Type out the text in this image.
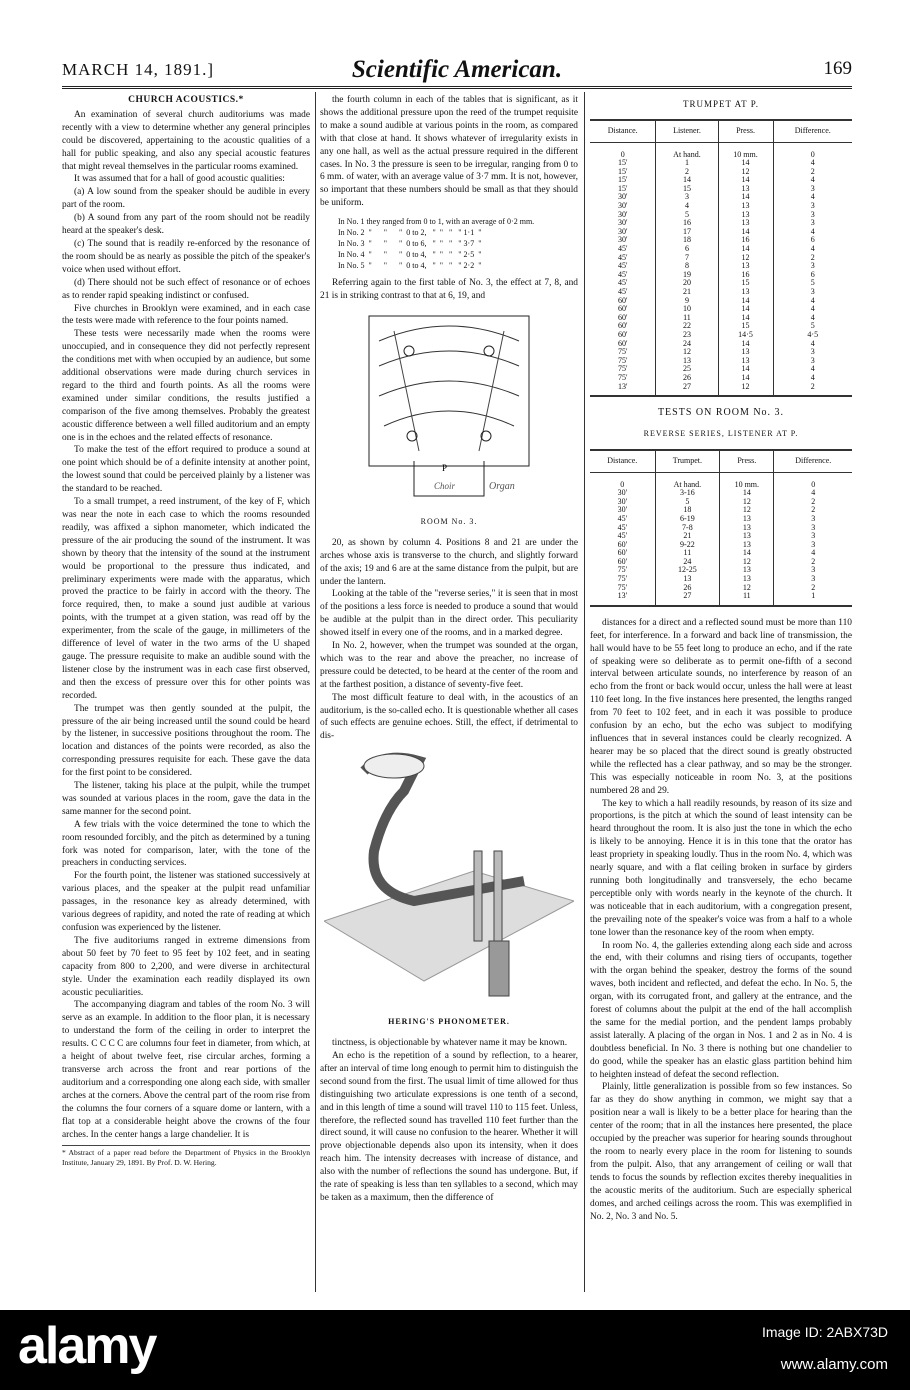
MARCH 14, 1891.]	Scientific American.	169
CHURCH ACOUSTICS.*

An examination of several church auditoriums was made recently with a view to determine whether any general principles could be discovered, appertaining to the acoustic qualities of a hall for public speaking, and also any special acoustic features that might reveal themselves in the particular rooms examined.

It was assumed that for a hall of good acoustic qualities:

(a) A low sound from the speaker should be audible in every part of the room.

(b) A sound from any part of the room should not be readily heard at the speaker's desk.

(c) The sound that is readily re-enforced by the resonance of the room should be as nearly as possible the pitch of the speaker's voice when used without effort.

(d) There should not be such effect of resonance or of echoes as to render rapid speaking indistinct or confused.

Five churches in Brooklyn were examined, and in each case the tests were made with reference to the four points named.

These tests were necessarily made when the rooms were unoccupied, and in consequence they did not perfectly represent the conditions met with when occupied by an audience, but some additional observations were made during church services in regard to the third and fourth points. As all the rooms were examined under similar conditions, the results justified a comparison of the five among themselves. Probably the greatest acoustic difference between a well filled auditorium and an empty one is in the echoes and the related effects of resonance.

To make the test of the effort required to produce a sound at one point which should be of a definite intensity at another point, the lowest sound that could be perceived plainly by a listener was the standard to be reached.

To a small trumpet, a reed instrument, of the key of F, which was near the note in each case to which the rooms resounded readily, was affixed a siphon manometer, which indicated the pressure of the air producing the sound of the instrument. It was shown by theory that the intensity of the sound at the instrument would be proportional to the pressure thus indicated, and preliminary experiments were made with the apparatus, which proved the practice to be fairly in accord with the theory. The force required, then, to make a sound just audible at various points, with the trumpet at a given station, was read off by the experimenter, from the scale of the gauge, in millimeters of the difference of level of water in the two arms of the U shaped gauge. The pressure requisite to make an audible sound with the listener close by the instrument was in each case first observed, and then the excess of pressure over this for other points was recorded.

The trumpet was then gently sounded at the pulpit, the pressure of the air being increased until the sound could be heard by the listener, in successive positions throughout the room. The location and distances of the points were recorded, as also the corresponding pressures requisite for each. These gave the data for the first point to be considered.

The listener, taking his place at the pulpit, while the trumpet was sounded at various places in the room, gave the data in the same manner for the second point.

A few trials with the voice determined the tone to which the room resounded forcibly, and the pitch as determined by a tuning fork was noted for comparison, later, with the tone of the preachers in conducting services.

For the fourth point, the listener was stationed successively at various places, and the speaker at the pulpit read unfamiliar passages, in the resonance key as already determined, with various degrees of rapidity, and noted the rate of reading at which confusion was experienced by the listener.

The five auditoriums ranged in extreme dimensions from about 50 feet by 70 feet to 95 feet by 102 feet, and in seating capacity from 800 to 2,200, and were diverse in architectural style. Under the examination each readily displayed its own acoustic peculiarities.

The accompanying diagram and tables of the room No. 3 will serve as an example. In addition to the floor plan, it is necessary to understand the form of the ceiling in order to interpret the results. C C C C are columns four feet in diameter, from which, at a height of about twelve feet, rise circular arches, forming a transverse arch across the front and rear portions of the auditorium and a corresponding one along each side, with smaller arches at the corners. Above the central part of the room rise from the columns the four corners of a square dome or lantern, with a flat top at a considerable height above the crowns of the four arches. In the center hangs a large chandelier. It is

* Abstract of a paper read before the Department of Physics in the Brooklyn Institute, January 29, 1891. By Prof. D. W. Hering.

the fourth column in each of the tables that is significant, as it shows the additional pressure upon the reed of the trumpet requisite to make a sound audible at various points in the room, as compared with that close at hand. It shows whatever of irregularity exists in any one hall, as well as the actual pressure required in the different cases. In No. 3 the pressure is seen to be irregular, ranging from 0 to 6 mm. of water, with an average value of 3·7 mm. It is not, however, so important that these numbers should be small as that they should be uniform.

In No. 1 they ranged from 0 to 1, with an average of 0·2 mm.
In No. 2  "      "      "  0 to 2,   "  "   "   " 1·1  "
In No. 3  "      "      "  0 to 6,   "  "   "   " 3·7  "
In No. 4  "      "      "  0 to 4,   "  "   "   " 2·5  "
In No. 5  "      "      "  0 to 4,   "  "   "   " 2·2  "

Referring again to the first table of No. 3, the effect at 7, 8, and 21 is in striking contrast to that at 6, 19, and

P
Choir	Organ
ROOM No. 3.

20, as shown by column 4. Positions 8 and 21 are under the arches whose axis is transverse to the church, and slightly forward of the axis; 19 and 6 are at the same distance from the pulpit, but are under the lantern.

Looking at the table of the "reverse series," it is seen that in most of the positions a less force is needed to produce a sound that would be audible at the pulpit than in the direct order. This peculiarity showed itself in every one of the rooms, and in a marked degree.

In No. 2, however, when the trumpet was sounded at the organ, which was to the rear and above the preacher, no increase of pressure could be detected, to be heard at the center of the room and at the farthest position, a distance of seventy-five feet.

The most difficult feature to deal with, in the acoustics of an auditorium, is the so-called echo. It is questionable whether all cases of such effects are genuine echoes. Still, the effect, if detrimental to dis-

HERING'S PHONOMETER.

tinctness, is objectionable by whatever name it may be known.

An echo is the repetition of a sound by reflection, to a hearer, after an interval of time long enough to permit him to distinguish the second sound from the first. The usual limit of time allowed for thus distinguishing two articulate expressions is one tenth of a second, and in this length of time a sound will travel 110 to 115 feet. Unless, therefore, the reflected sound has travelled 110 feet further than the direct sound, it will cause no confusion to the hearer. Whether it will prove objectionable depends also upon its intensity, when it does reach him. The intensity decreases with increase of distance, and also with the number of reflections the sound has undergone. But, if the rate of speaking is less than ten syllables to a second, which may be taken as a maximum, then the difference of

TRUMPET AT P.
Distance.	Listener.	Press.	Difference.
0	At hand.	10 mm.	0
15'	1	14	4
15'	2	12	2
15'	14	14	4
15'	15	13	3
30'	3	14	4
30'	4	13	3
30'	5	13	3
30'	16	13	3
30'	17	14	4
30'	18	16	6
45'	6	14	4
45'	7	12	2
45'	8	13	3
45'	19	16	6
45'	20	15	5
45'	21	13	3
60'	9	14	4
60'	10	14	4
60'	11	14	4
60'	22	15	5
60'	23	14·5	4·5
60'	24	14	4
75'	12	13	3
75'	13	13	3
75'	25	14	4
75'	26	14	4
13'	27	12	2
TESTS ON ROOM No. 3.
REVERSE SERIES, LISTENER AT P.
Distance.	Trumpet.	Press.	Difference.
0	At hand.	10 mm.	0
30'	3-16	14	4
30'	5	12	2
30'	18	12	2
45'	6-19	13	3
45'	7-8	13	3
45'	21	13	3
60'	9-22	13	3
60'	11	14	4
60'	24	12	2
75'	12-25	13	3
75'	13	13	3
75'	26	12	2
13'	27	11	1

distances for a direct and a reflected sound must be more than 110 feet, for interference. In a forward and back line of transmission, the hall would have to be 55 feet long to produce an echo, and if the rate of speaking were so deliberate as to permit one-fifth of a second interval between articulate sounds, no interference by reason of an echo from the front or back would occur, unless the hall were at least 110 feet long. In the five instances here presented, the lengths ranged from 70 feet to 102 feet, and in each it was possible to produce confusion by an echo, but the echo was subject to modifying influences that in several instances could be clearly recognized. A hearer may be so placed that the direct sound is greatly obstructed while the reflected has a clear pathway, and so may be the stronger. This was especially noticeable in room No. 3, at the positions numbered 28 and 29.

The key to which a hall readily resounds, by reason of its size and proportions, is the pitch at which the sound of least intensity can be heard throughout the room. It is also just the tone in which the echo is likely to be annoying. Hence it is in this tone that the orator has least propriety in speaking loudly. Thus in the room No. 4, which was nearly square, and with a flat ceiling broken in surface by girders running both longitudinally and transversely, the echo became perceptible only with words nearly in the keynote of the church. It was noticeable that in each auditorium, with a congregation present, the prevailing note of the speaker's voice was from a half to a whole tone lower than the resonance key of the room when empty.

In room No. 4, the galleries extending along each side and across the end, with their columns and rising tiers of occupants, together with the organ behind the speaker, destroy the forms of the sound waves, both incident and reflected, and defeat the echo. In No. 5, the organ, with its corrugated front, and gallery at the entrance, and the forest of columns about the pulpit at the end of the hall accomplish the same for the medial portion, and the pendent lamps probably assist laterally. A placing of the organ in Nos. 1 and 2 as in No. 4 is doubtless beneficial. In No. 3 there is nothing but one chandelier to do good, while the speaker has an elastic glass partition behind him to heighten instead of defeat the second reflection.

Plainly, little generalization is possible from so few instances. So far as they do show anything in common, we might say that a position near a wall is likely to be a better place for hearing than the center of the room; that in all the instances here presented, the place occupied by the preacher was superior for hearing sounds throughout the room to nearly every place in the room for listening to sounds from the pulpit. Also, that any arrangement of ceiling or wall that tends to focus the sounds by reflection excites thereby inequalities in the acoustic merits of the auditorium. Such are especially spherical domes, and arched ceilings across the room. This was exemplified in No. 2, No. 3 and No. 5.

alamy	Image ID: 2ABX73D
www.alamy.com
